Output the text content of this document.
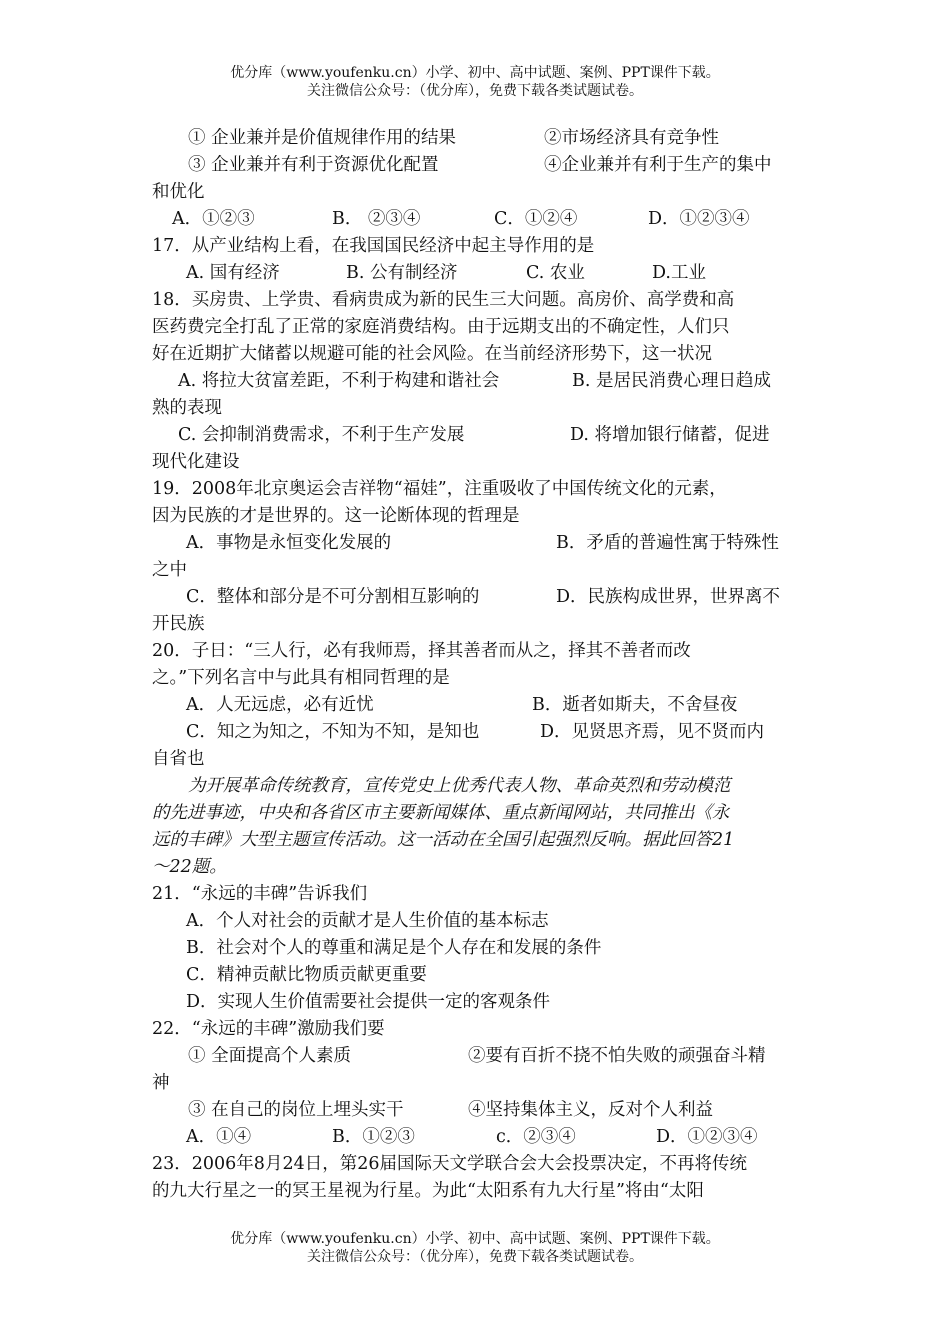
优分库（www.youfenku.cn）小学、初中、高中试题、案例、PPT课件下载。
关注微信公众号：（优分库），免费下载各类试题试卷。
① 企业兼并是价值规律作用的结果	②市场经济具有竞争性
③ 企业兼并有利于资源优化配置	④企业兼并有利于生产的集中
和优化
A．①②③	B． ②③④	C．①②④	D．①②③④
17．从产业结构上看，在我国国民经济中起主导作用的是
A. 国有经济	B. 公有制经济	C. 农业	D.工业
18．买房贵、上学贵、看病贵成为新的民生三大问题。高房价、高学费和高
医药费完全打乱了正常的家庭消费结构。由于远期支出的不确定性，人们只
好在近期扩大储蓄以规避可能的社会风险。在当前经济形势下，这一状况
A. 将拉大贫富差距，不利于构建和谐社会	B. 是居民消费心理日趋成
熟的表现
C. 会抑制消费需求，不利于生产发展	D. 将增加银行储蓄，促进
现代化建设
19．2008年北京奥运会吉祥物“福娃”，注重吸收了中国传统文化的元素，
因为民族的才是世界的。这一论断体现的哲理是
A．事物是永恒变化发展的	B．矛盾的普遍性寓于特殊性
之中
C．整体和部分是不可分割相互影响的	D．民族构成世界，世界离不
开民族
20．子日：“三人行，必有我师焉，择其善者而从之，择其不善者而改
之。”下列名言中与此具有相同哲理的是
A．人无远虑，必有近忧	B．逝者如斯夫，不舍昼夜
C．知之为知之，不知为不知，是知也	D．见贤思齐焉，见不贤而内
自省也
为开展革命传统教育，宣传党史上优秀代表人物、革命英烈和劳动模范
的先进事迹，中央和各省区市主要新闻媒体、重点新闻网站，共同推出《永
远的丰碑》大型主题宣传活动。这一活动在全国引起强烈反响。据此回答21
～22题。
21．“永远的丰碑”告诉我们
A．个人对社会的贡献才是人生价值的基本标志
B．社会对个人的尊重和满足是个人存在和发展的条件
C．精神贡献比物质贡献更重要
D．实现人生价值需要社会提供一定的客观条件
22．“永远的丰碑”激励我们要
① 全面提高个人素质	②要有百折不挠不怕失败的顽强奋斗精
神
③ 在自己的岗位上埋头实干	④坚持集体主义，反对个人利益
A．①④	B．①②③	c．②③④	D．①②③④
23．2006年8月24日，第26届国际天文学联合会大会投票决定，不再将传统
的九大行星之一的冥王星视为行星。为此“太阳系有九大行星”将由“太阳
优分库（www.youfenku.cn）小学、初中、高中试题、案例、PPT课件下载。
关注微信公众号：（优分库），免费下载各类试题试卷。
